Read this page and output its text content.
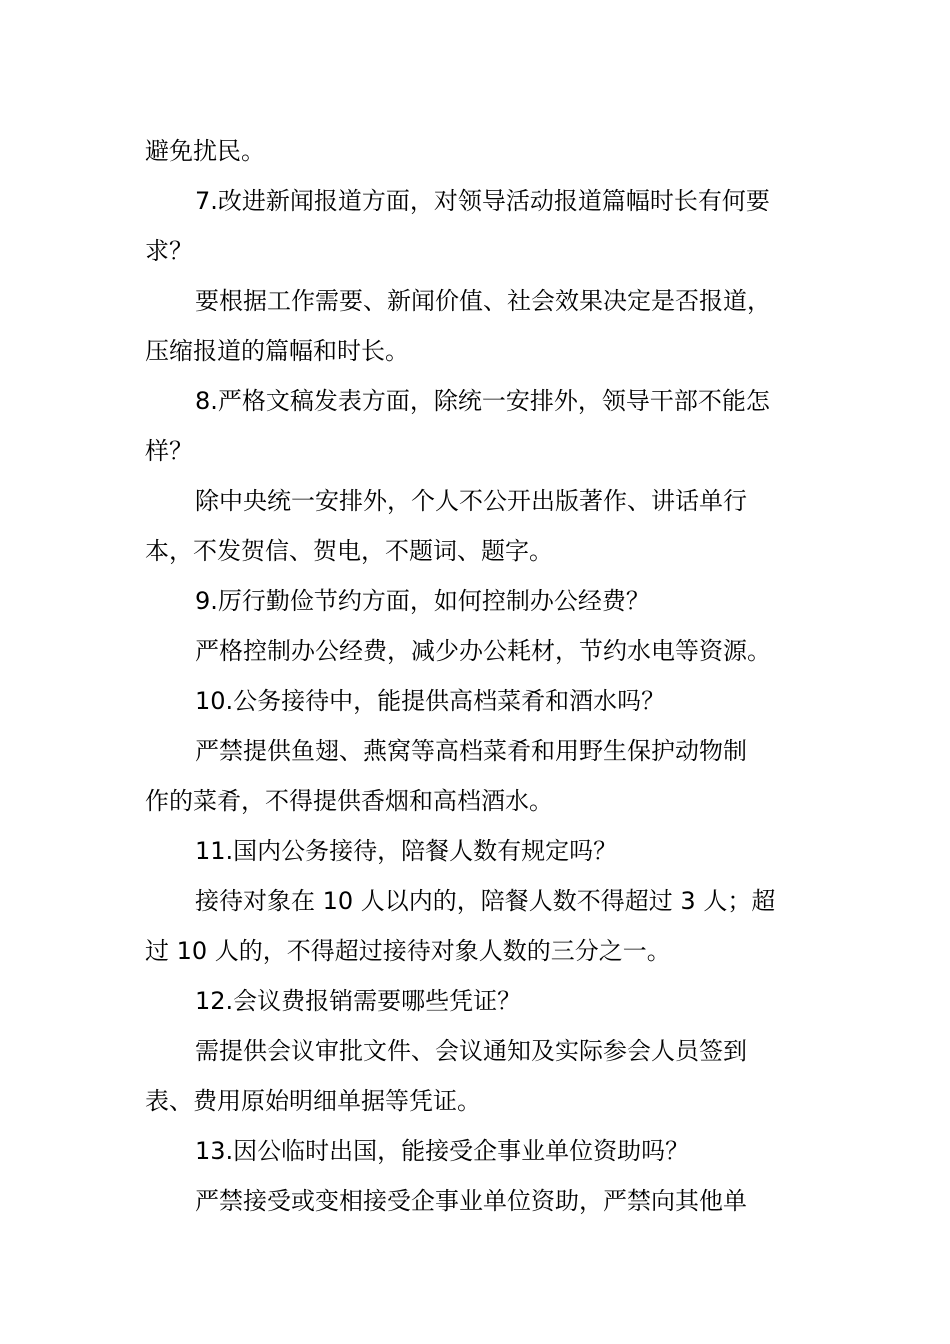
避免扰民。
7.改进新闻报道方面，对领导活动报道篇幅时长有何要
求？
要根据工作需要、新闻价值、社会效果决定是否报道，
压缩报道的篇幅和时长。
8.严格文稿发表方面，除统一安排外，领导干部不能怎
样？
除中央统一安排外，个人不公开出版著作、讲话单行
本，不发贺信、贺电，不题词、题字。
9.厉行勤俭节约方面，如何控制办公经费？
严格控制办公经费，减少办公耗材，节约水电等资源。
10.公务接待中，能提供高档菜肴和酒水吗？
严禁提供鱼翅、燕窝等高档菜肴和用野生保护动物制
作的菜肴，不得提供香烟和高档酒水。
11.国内公务接待，陪餐人数有规定吗？
接待对象在 10 人以内的，陪餐人数不得超过 3 人；超
过 10 人的，不得超过接待对象人数的三分之一。
12.会议费报销需要哪些凭证？
需提供会议审批文件、会议通知及实际参会人员签到
表、费用原始明细单据等凭证。
13.因公临时出国，能接受企事业单位资助吗？
严禁接受或变相接受企事业单位资助，严禁向其他单
